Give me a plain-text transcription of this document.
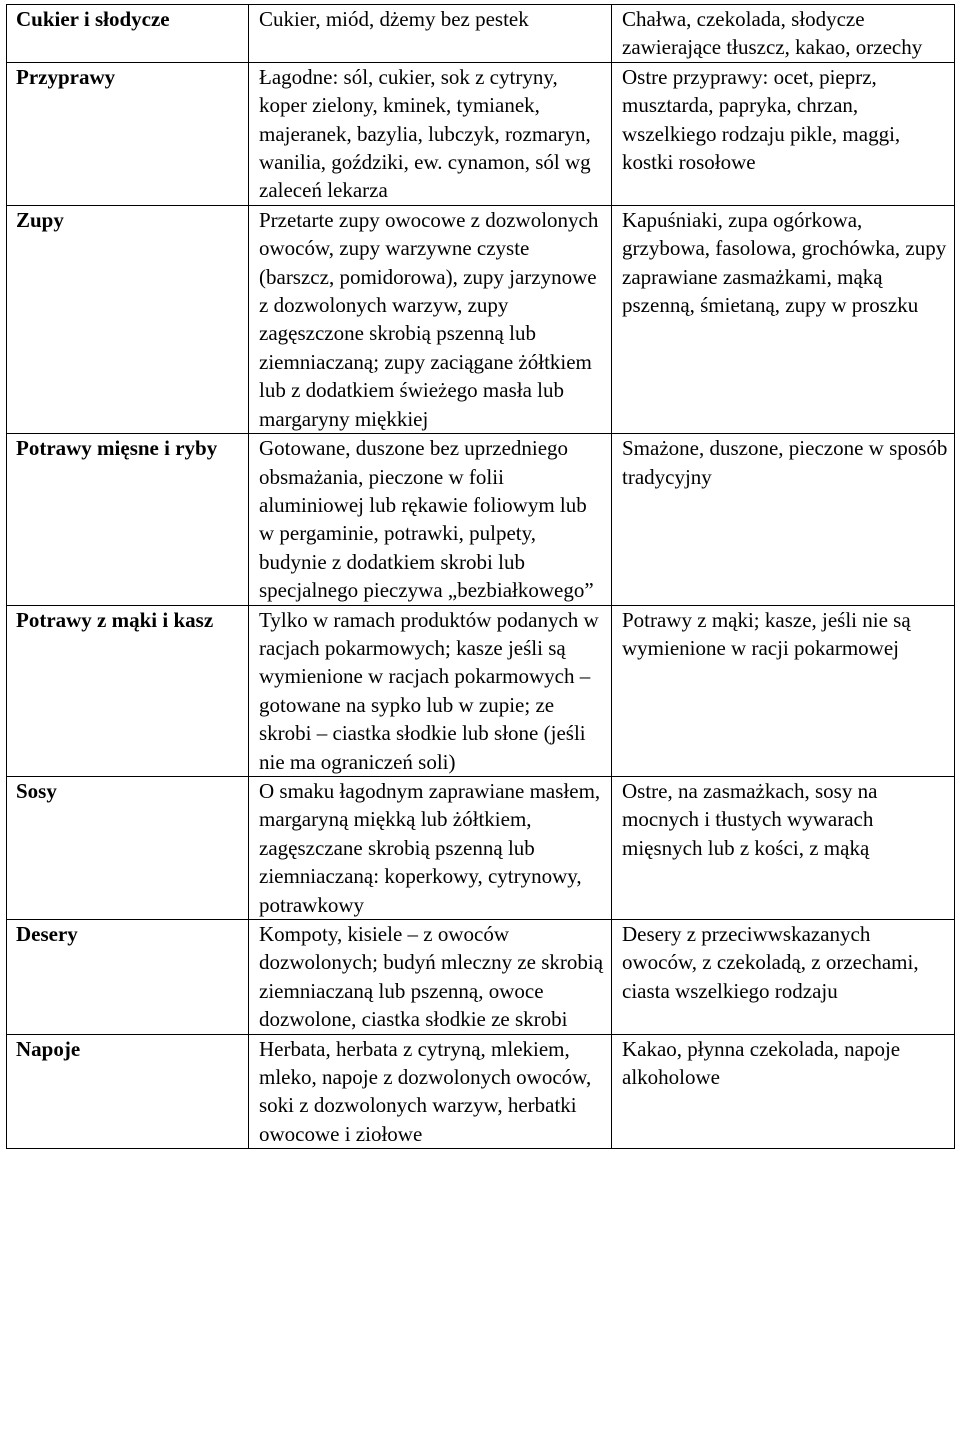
Cukier i słodycze	Cukier, miód, dżemy bez pestek	Chałwa, czekolada, słodycze zawierające tłuszcz, kakao, orzechy
Przyprawy	Łagodne: sól, cukier, sok z cytryny, koper zielony, kminek, tymianek, majeranek, bazylia, lubczyk, rozmaryn, wanilia, goździki, ew. cynamon, sól wg zaleceń lekarza	Ostre przyprawy: ocet, pieprz, musztarda, papryka, chrzan, wszelkiego rodzaju pikle, maggi, kostki rosołowe
Zupy	Przetarte zupy owocowe z dozwolonych owoców, zupy warzywne czyste (barszcz, pomidorowa), zupy jarzynowe z dozwolonych warzyw, zupy zagęszczone skrobią pszenną lub ziemniaczaną; zupy zaciągane żółtkiem lub z dodatkiem świeżego masła lub margaryny miękkiej	Kapuśniaki, zupa ogórkowa, grzybowa, fasolowa, grochówka, zupy zaprawiane zasmażkami, mąką pszenną, śmietaną, zupy w proszku
Potrawy mięsne i ryby	Gotowane, duszone bez uprzedniego obsmażania, pieczone w folii aluminiowej lub rękawie foliowym lub w pergaminie, potrawki, pulpety, budynie z dodatkiem skrobi lub specjalnego pieczywa „bezbiałkowego”	Smażone, duszone, pieczone w sposób tradycyjny
Potrawy z mąki i kasz	Tylko w ramach produktów podanych w racjach pokarmowych; kasze jeśli są wymienione w racjach pokarmowych – gotowane na sypko lub w zupie; ze skrobi – ciastka słodkie lub słone (jeśli nie ma ograniczeń soli)	Potrawy z mąki; kasze, jeśli nie są wymienione w racji pokarmowej
Sosy	O smaku łagodnym zaprawiane masłem, margaryną miękką lub żółtkiem, zagęszczane skrobią pszenną lub ziemniaczaną: koperkowy, cytrynowy, potrawkowy	Ostre, na zasmażkach, sosy na mocnych i tłustych wywarach mięsnych lub z kości, z mąką
Desery	Kompoty, kisiele – z owoców dozwolonych; budyń mleczny ze skrobią ziemniaczaną lub pszenną, owoce dozwolone, ciastka słodkie ze skrobi	Desery z przeciwwskazanych owoców, z czekoladą, z orzechami, ciasta wszelkiego rodzaju
Napoje	Herbata, herbata z cytryną, mlekiem, mleko, napoje z dozwolonych owoców, soki z dozwolonych warzyw, herbatki owocowe i ziołowe	Kakao, płynna czekolada, napoje alkoholowe
